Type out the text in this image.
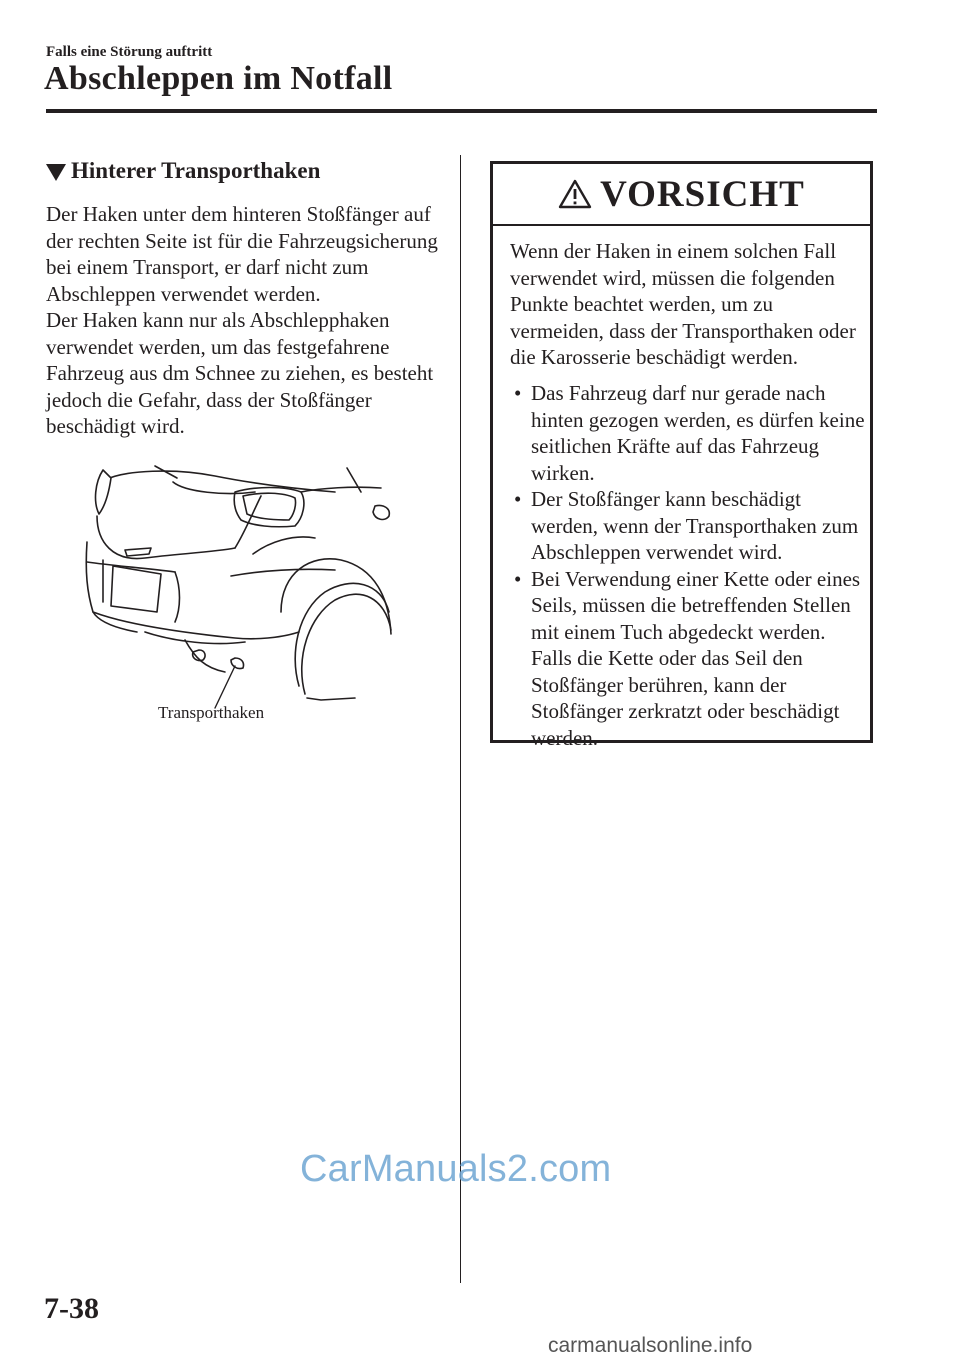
Falls eine Störung auftritt
Abschleppen im Notfall
Hinterer Transporthaken

Der Haken unter dem hinteren Stoßfänger auf der rechten Seite ist für die Fahrzeugsicherung bei einem Transport, er darf nicht zum Abschleppen verwendet werden.

Der Haken kann nur als Abschlepphaken verwendet werden, um das festgefahrene Fahrzeug aus dm Schnee zu ziehen, es besteht jedoch die Gefahr, dass der Stoßfänger beschädigt wird.

Transporthaken
VORSICHT
Wenn der Haken in einem solchen Fall verwendet wird, müssen die folgenden Punkte beachtet werden, um zu vermeiden, dass der Transporthaken oder die Karosserie beschädigt werden.
• Das Fahrzeug darf nur gerade nach hinten gezogen werden, es dürfen keine seitlichen Kräfte auf das Fahrzeug wirken.
• Der Stoßfänger kann beschädigt werden, wenn der Transporthaken zum Abschleppen verwendet wird.
• Bei Verwendung einer Kette oder eines Seils, müssen die betreffenden Stellen mit einem Tuch abgedeckt werden. Falls die Kette oder das Seil den Stoßfänger berühren, kann der Stoßfänger zerkratzt oder beschädigt werden.
CarManuals2.com
7-38
carmanualsonline.info
